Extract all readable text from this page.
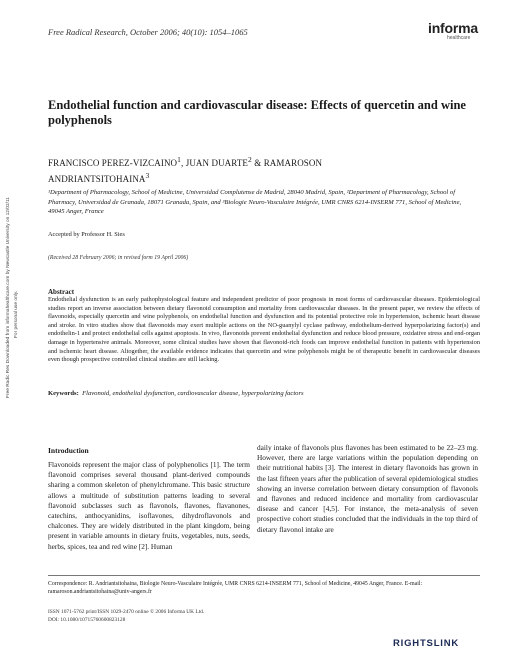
Free Radical Research, October 2006; 40(10): 1054–1065	informa
healthcare
Free Radic Res Downloaded from informahealthcare.com by Newcastle University on 12/02/11 For personal use only.
Endothelial function and cardiovascular disease: Effects of quercetin and wine polyphenols
FRANCISCO PEREZ-VIZCAINO$^1$, JUAN DUARTE$^2$ & RAMAROSON
ANDRIANTSITOHAINA$^3$
¹Department of Pharmacology, School of Medicine, Universidad Complutense de Madrid, 28040 Madrid, Spain, ²Department of Pharmacology, School of Pharmacy, Universidad de Granada, 18071 Granada, Spain, and ³Biologie Neuro-Vasculaire Intégrée, UMR CNRS 6214-INSERM 771, School of Medicine, 49045 Anger, France
Accepted by Professor H. Sies
(Received 28 February 2006; in revised form 19 April 2006)
Abstract
Endothelial dysfunction is an early pathophysiological feature and independent predictor of poor prognosis in most forms of cardiovascular diseases. Epidemiological studies report an inverse association between dietary flavonoid consumption and mortality from cardiovascular diseases. In the present paper, we review the effects of flavonoids, especially quercetin and wine polyphenols, on endothelial function and dysfunction and its potential protective role in hypertension, ischemic heart disease and stroke. In vitro studies show that flavonoids may exert multiple actions on the NO-guanylyl cyclase pathway, endothelium-derived hyperpolarizing factor(s) and endothelin-1 and protect endothelial cells against apoptosis. In vivo, flavonoids prevent endothelial dysfunction and reduce blood pressure, oxidative stress and end-organ damage in hypertensive animals. Moreover, some clinical studies have shown that flavonoid-rich foods can improve endothelial function in patients with hypertension and ischemic heart disease. Altogether, the available evidence indicates that quercetin and wine polyphenols might be of therapeutic benefit in cardiovascular diseases even though prospective controlled clinical studies are still lacking.
Keywords: Flavonoid, endothelial dysfunction, cardiovascular disease, hyperpolarizing factors
Introduction
Flavonoids represent the major class of polyphenolics [1]. The term flavonoid comprises several thousand plant-derived compounds sharing a common skeleton of phenylchromane. This basic structure allows a multitude of substitution patterns leading to several flavonoid subclasses such as flavonols, flavones, flavanones, catechins, anthocyanidins, isoflavones, dihydroflavonols and chalcones. They are widely distributed in the plant kingdom, being present in variable amounts in dietary fruits, vegetables, nuts, seeds, herbs, spices, tea and red wine [2]. Human
daily intake of flavonols plus flavones has been estimated to be 22–23 mg. However, there are large variations within the population depending on their nutritional habits [3]. The interest in dietary flavonoids has grown in the last fifteen years after the publication of several epidemiological studies showing an inverse correlation between dietary consumption of flavonols and flavones and reduced incidence and mortality from cardiovascular disease and cancer [4,5]. For instance, the meta-analysis of seven prospective cohort studies concluded that the individuals in the top third of dietary flavonol intake are
Correspondence: R. Andriantsitohaina, Biologie Neuro-Vasculaire Intégrée, UMR CNRS 6214-INSERM 771, School of Medicine, 49045 Anger, France. E-mail: ramaroson.andriantsitohaina@univ-angers.fr
ISSN 1071-5762 print/ISSN 1029-2470 online © 2006 Informa UK Ltd.
DOI: 10.1080/10715760600823128
RIGHTSLINK
